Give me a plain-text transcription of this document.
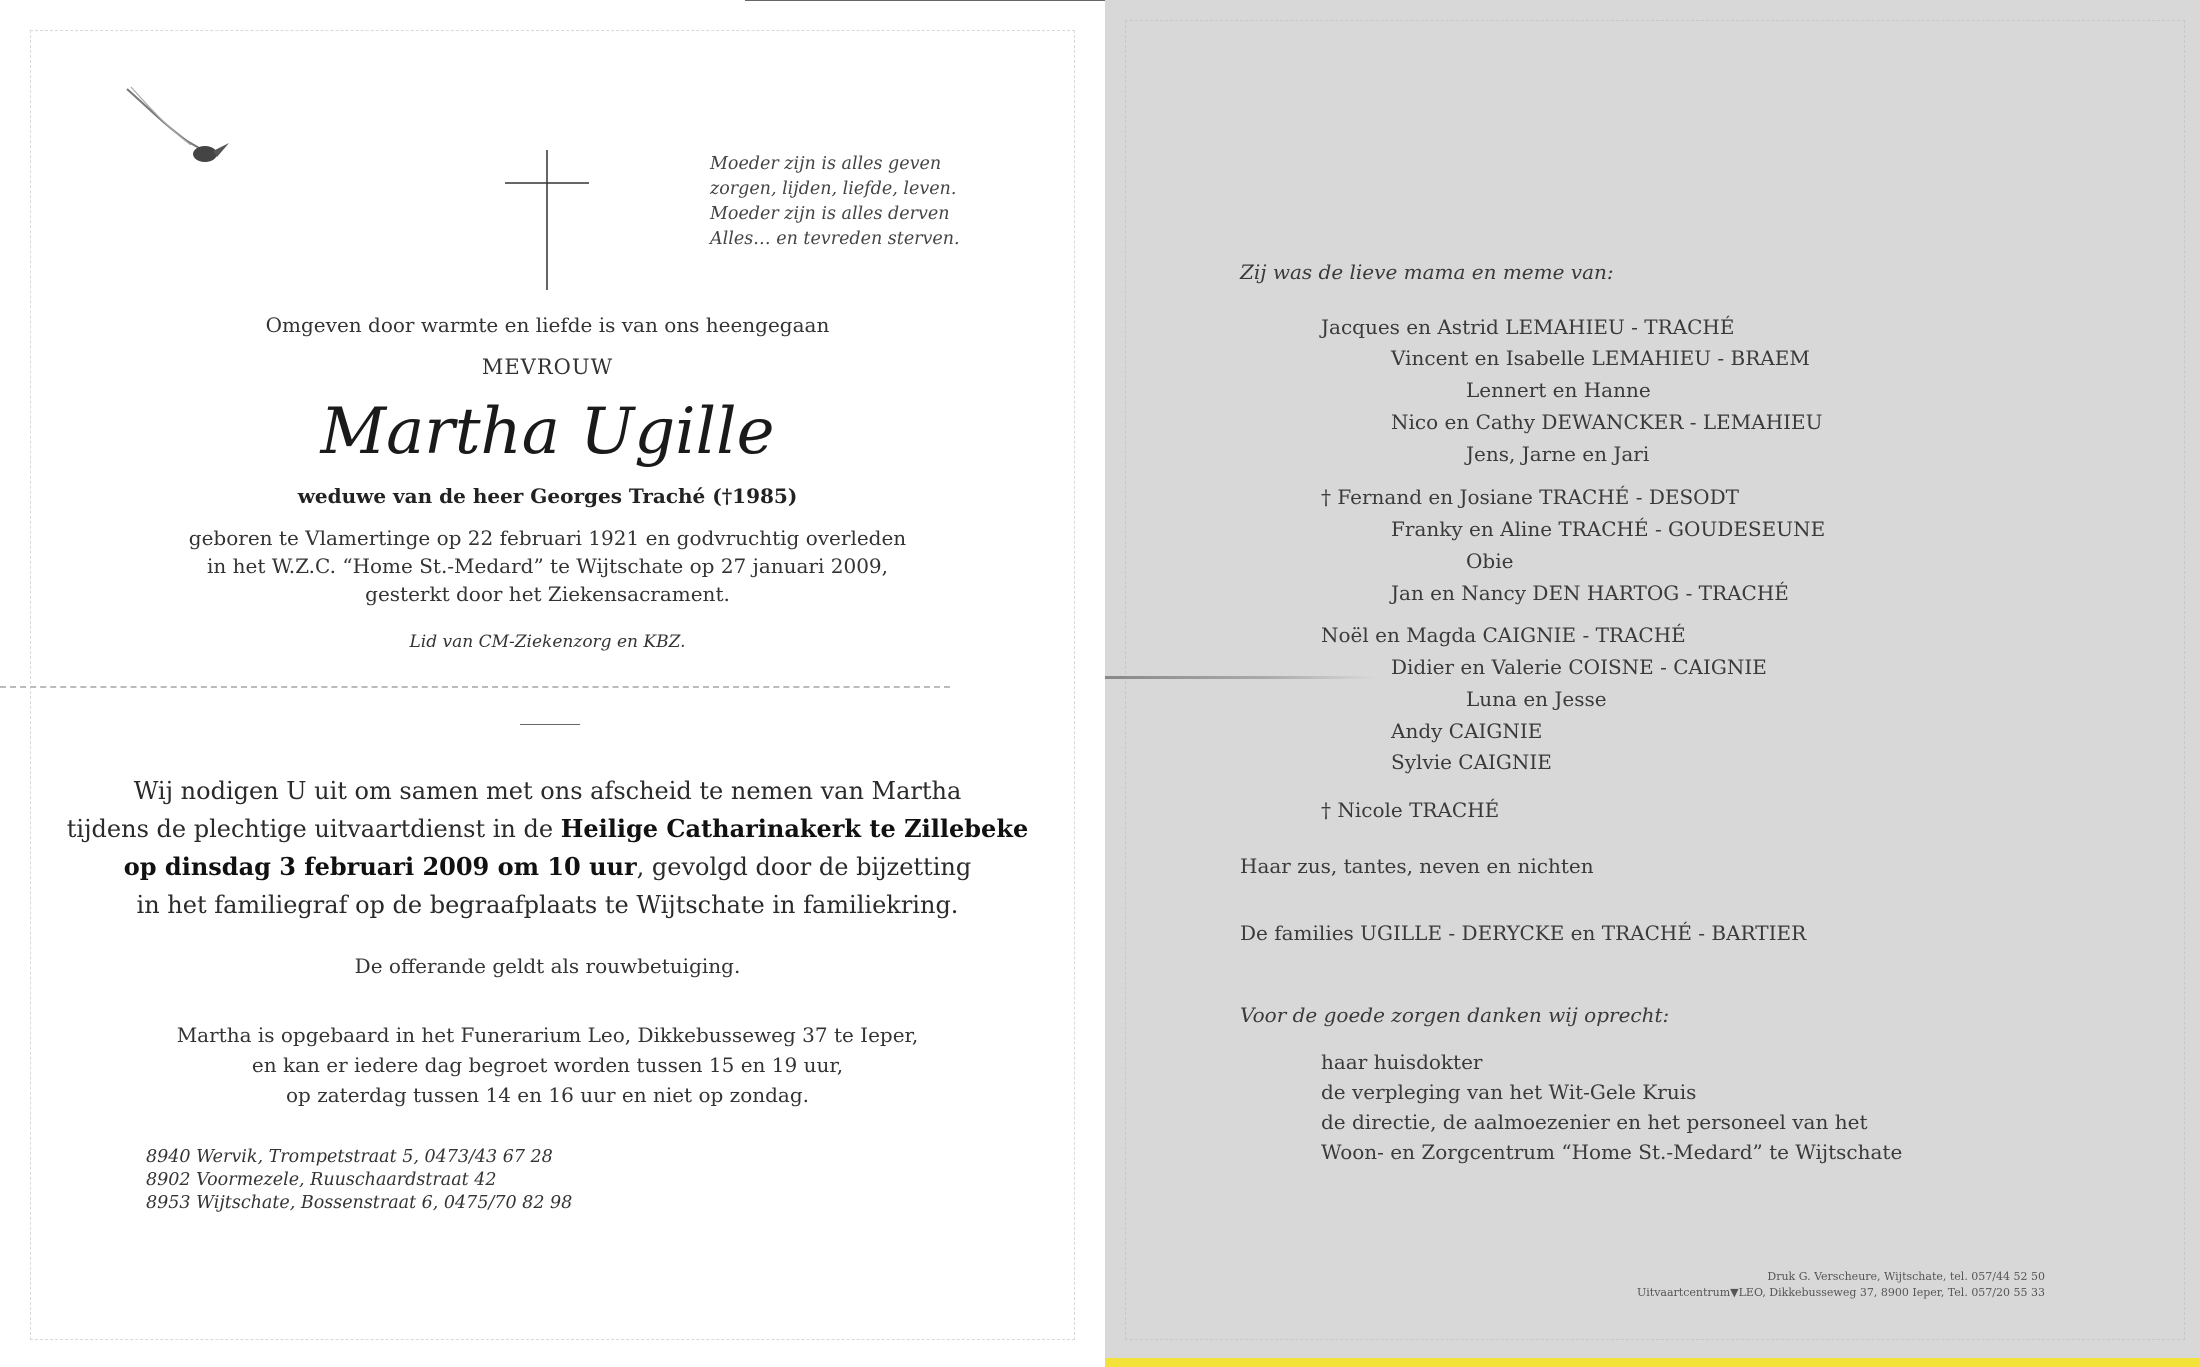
Moeder zijn is alles geven
zorgen, lijden, liefde, leven.
Moeder zijn is alles derven
Alles… en tevreden sterven.
Omgeven door warmte en liefde is van ons heengegaan
MEVROUW
Martha Ugille
weduwe van de heer Georges Traché (†1985)
geboren te Vlamertinge op 22 februari 1921 en godvruchtig overleden
in het W.Z.C. “Home St.-Medard” te Wijtschate op 27 januari 2009,
gesterkt door het Ziekensacrament.
Lid van CM-Ziekenzorg en KBZ.
Wij nodigen U uit om samen met ons afscheid te nemen van Martha
tijdens de plechtige uitvaartdienst in de Heilige Catharinakerk te Zillebeke
op dinsdag 3 februari 2009 om 10 uur, gevolgd door de bijzetting
in het familiegraf op de begraafplaats te Wijtschate in familiekring.
De offerande geldt als rouwbetuiging.
Martha is opgebaard in het Funerarium Leo, Dikkebusseweg 37 te Ieper,
en kan er iedere dag begroet worden tussen 15 en 19 uur,
op zaterdag tussen 14 en 16 uur en niet op zondag.
8940 Wervik, Trompetstraat 5, 0473/43 67 28
8902 Voormezele, Ruuschaardstraat 42
8953 Wijtschate, Bossenstraat 6, 0475/70 82 98
Zij was de lieve mama en meme van:
Jacques en Astrid LEMAHIEU - TRACHÉ
Vincent en Isabelle LEMAHIEU - BRAEM
Lennert en Hanne
Nico en Cathy DEWANCKER - LEMAHIEU
Jens, Jarne en Jari
† Fernand en Josiane TRACHÉ - DESODT
Franky en Aline TRACHÉ - GOUDESEUNE
Obie
Jan en Nancy DEN HARTOG - TRACHÉ
Noël en Magda CAIGNIE - TRACHÉ
Didier en Valerie COISNE - CAIGNIE
Luna en Jesse
Andy CAIGNIE
Sylvie CAIGNIE
† Nicole TRACHÉ
Haar zus, tantes, neven en nichten
De families UGILLE - DERYCKE en TRACHÉ - BARTIER
Voor de goede zorgen danken wij oprecht:
haar huisdokter
de verpleging van het Wit-Gele Kruis
de directie, de aalmoezenier en het personeel van het
Woon- en Zorgcentrum “Home St.-Medard” te Wijtschate
Druk G. Verscheure, Wijtschate, tel. 057/44 52 50
Uitvaartcentrum▼LEO, Dikkebusseweg 37, 8900 Ieper, Tel. 057/20 55 33
